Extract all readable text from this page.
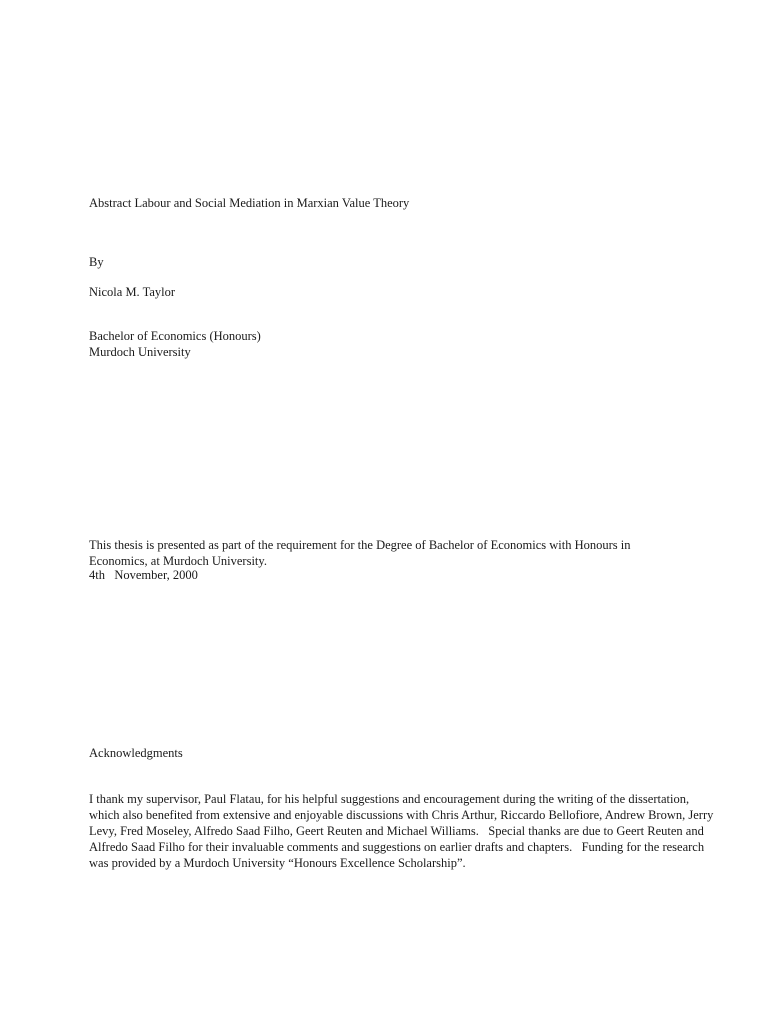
Abstract Labour and Social Mediation in Marxian Value Theory
By
Nicola M. Taylor
Bachelor of Economics (Honours)
Murdoch University
This thesis is presented as part of the requirement for the Degree of Bachelor of Economics with Honours in Economics, at Murdoch University.
4th   November, 2000
Acknowledgments
I thank my supervisor, Paul Flatau, for his helpful suggestions and encouragement during the writing of the dissertation, which also benefited from extensive and enjoyable discussions with Chris Arthur, Riccardo Bellofiore, Andrew Brown, Jerry Levy, Fred Moseley, Alfredo Saad Filho, Geert Reuten and Michael Williams.   Special thanks are due to Geert Reuten and Alfredo Saad Filho for their invaluable comments and suggestions on earlier drafts and chapters.   Funding for the research was provided by a Murdoch University “Honours Excellence Scholarship”.
